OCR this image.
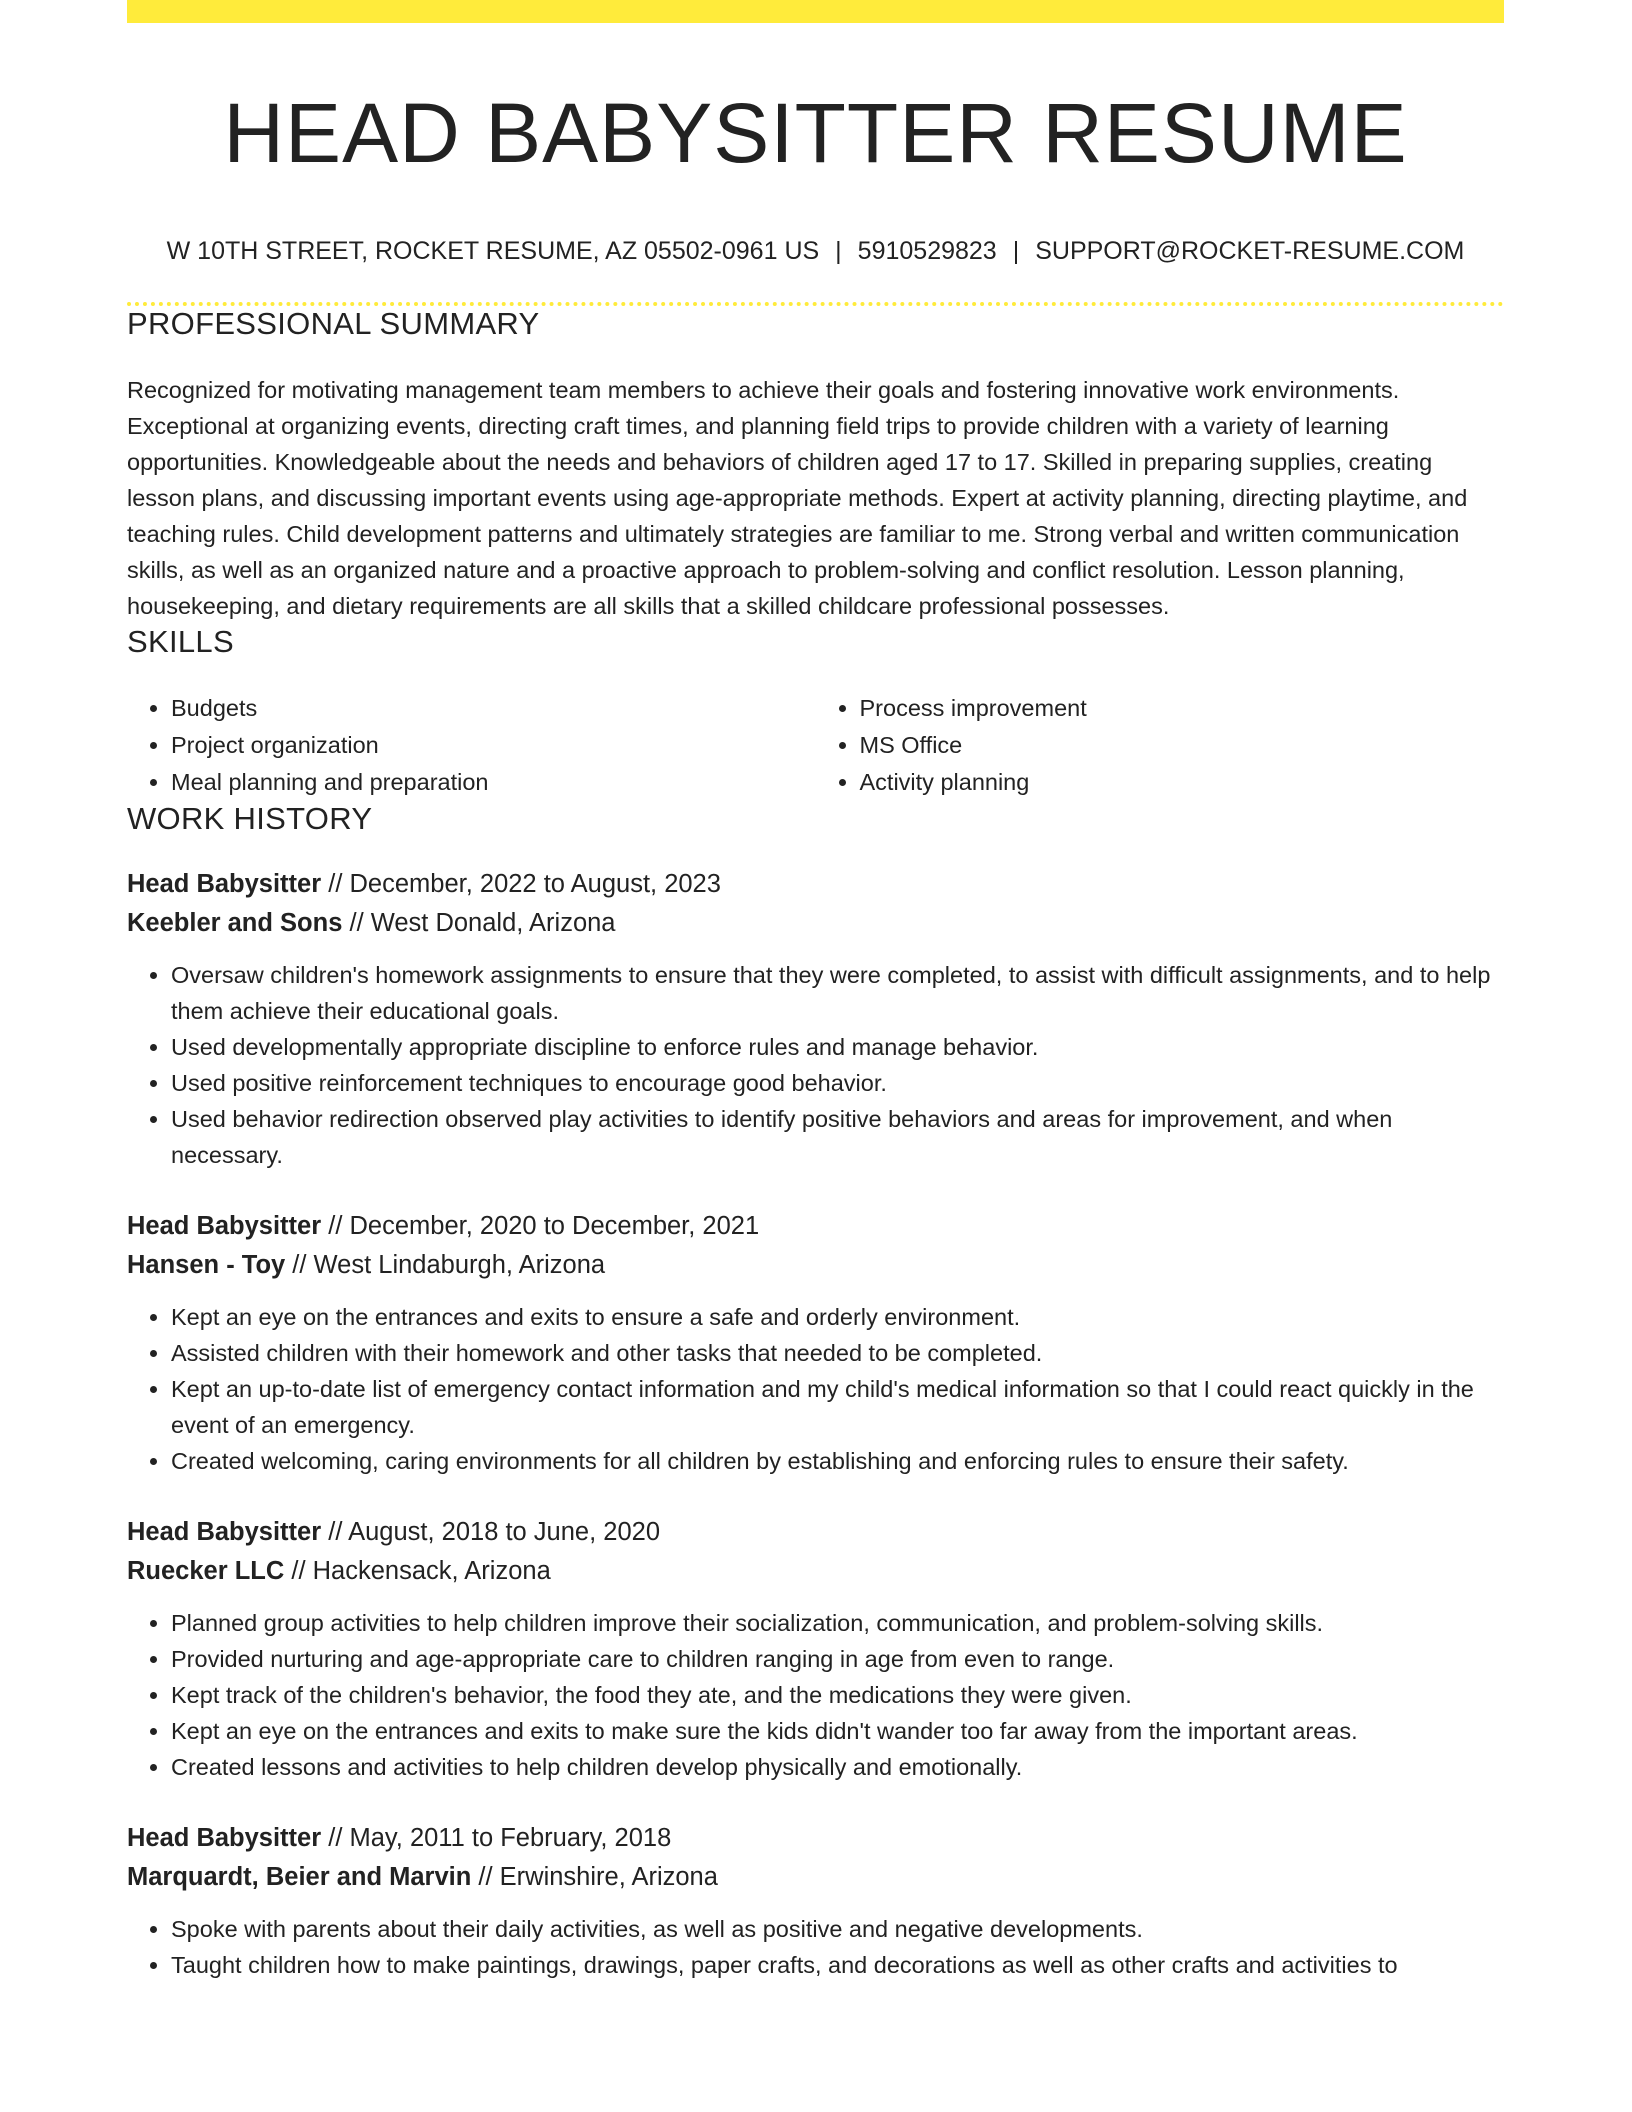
HEAD BABYSITTER RESUME
W 10TH STREET, ROCKET RESUME, AZ 05502-0961 US | 5910529823 | SUPPORT@ROCKET-RESUME.COM
PROFESSIONAL SUMMARY

Recognized for motivating management team members to achieve their goals and fostering innovative work environments. Exceptional at organizing events, directing craft times, and planning field trips to provide children with a variety of learning opportunities. Knowledgeable about the needs and behaviors of children aged 17 to 17. Skilled in preparing supplies, creating lesson plans, and discussing important events using age-appropriate methods. Expert at activity planning, directing playtime, and teaching rules. Child development patterns and ultimately strategies are familiar to me. Strong verbal and written communication skills, as well as an organized nature and a proactive approach to problem-solving and conflict resolution. Lesson planning, housekeeping, and dietary requirements are all skills that a skilled childcare professional possesses.

SKILLS
• Budgets
• Project organization
• Meal planning and preparation
• Process improvement
• MS Office
• Activity planning
WORK HISTORY
Head Babysitter // December, 2022 to August, 2023
Keebler and Sons // West Donald, Arizona
• Oversaw children's homework assignments to ensure that they were completed, to assist with difficult assignments, and to help them achieve their educational goals.
• Used developmentally appropriate discipline to enforce rules and manage behavior.
• Used positive reinforcement techniques to encourage good behavior.
• Used behavior redirection observed play activities to identify positive behaviors and areas for improvement, and when necessary.
Head Babysitter // December, 2020 to December, 2021
Hansen - Toy // West Lindaburgh, Arizona
• Kept an eye on the entrances and exits to ensure a safe and orderly environment.
• Assisted children with their homework and other tasks that needed to be completed.
• Kept an up-to-date list of emergency contact information and my child's medical information so that I could react quickly in the event of an emergency.
• Created welcoming, caring environments for all children by establishing and enforcing rules to ensure their safety.
Head Babysitter // August, 2018 to June, 2020
Ruecker LLC // Hackensack, Arizona
• Planned group activities to help children improve their socialization, communication, and problem-solving skills.
• Provided nurturing and age-appropriate care to children ranging in age from even to range.
• Kept track of the children's behavior, the food they ate, and the medications they were given.
• Kept an eye on the entrances and exits to make sure the kids didn't wander too far away from the important areas.
• Created lessons and activities to help children develop physically and emotionally.
Head Babysitter // May, 2011 to February, 2018
Marquardt, Beier and Marvin // Erwinshire, Arizona
• Spoke with parents about their daily activities, as well as positive and negative developments.
• Taught children how to make paintings, drawings, paper crafts, and decorations as well as other crafts and activities to
